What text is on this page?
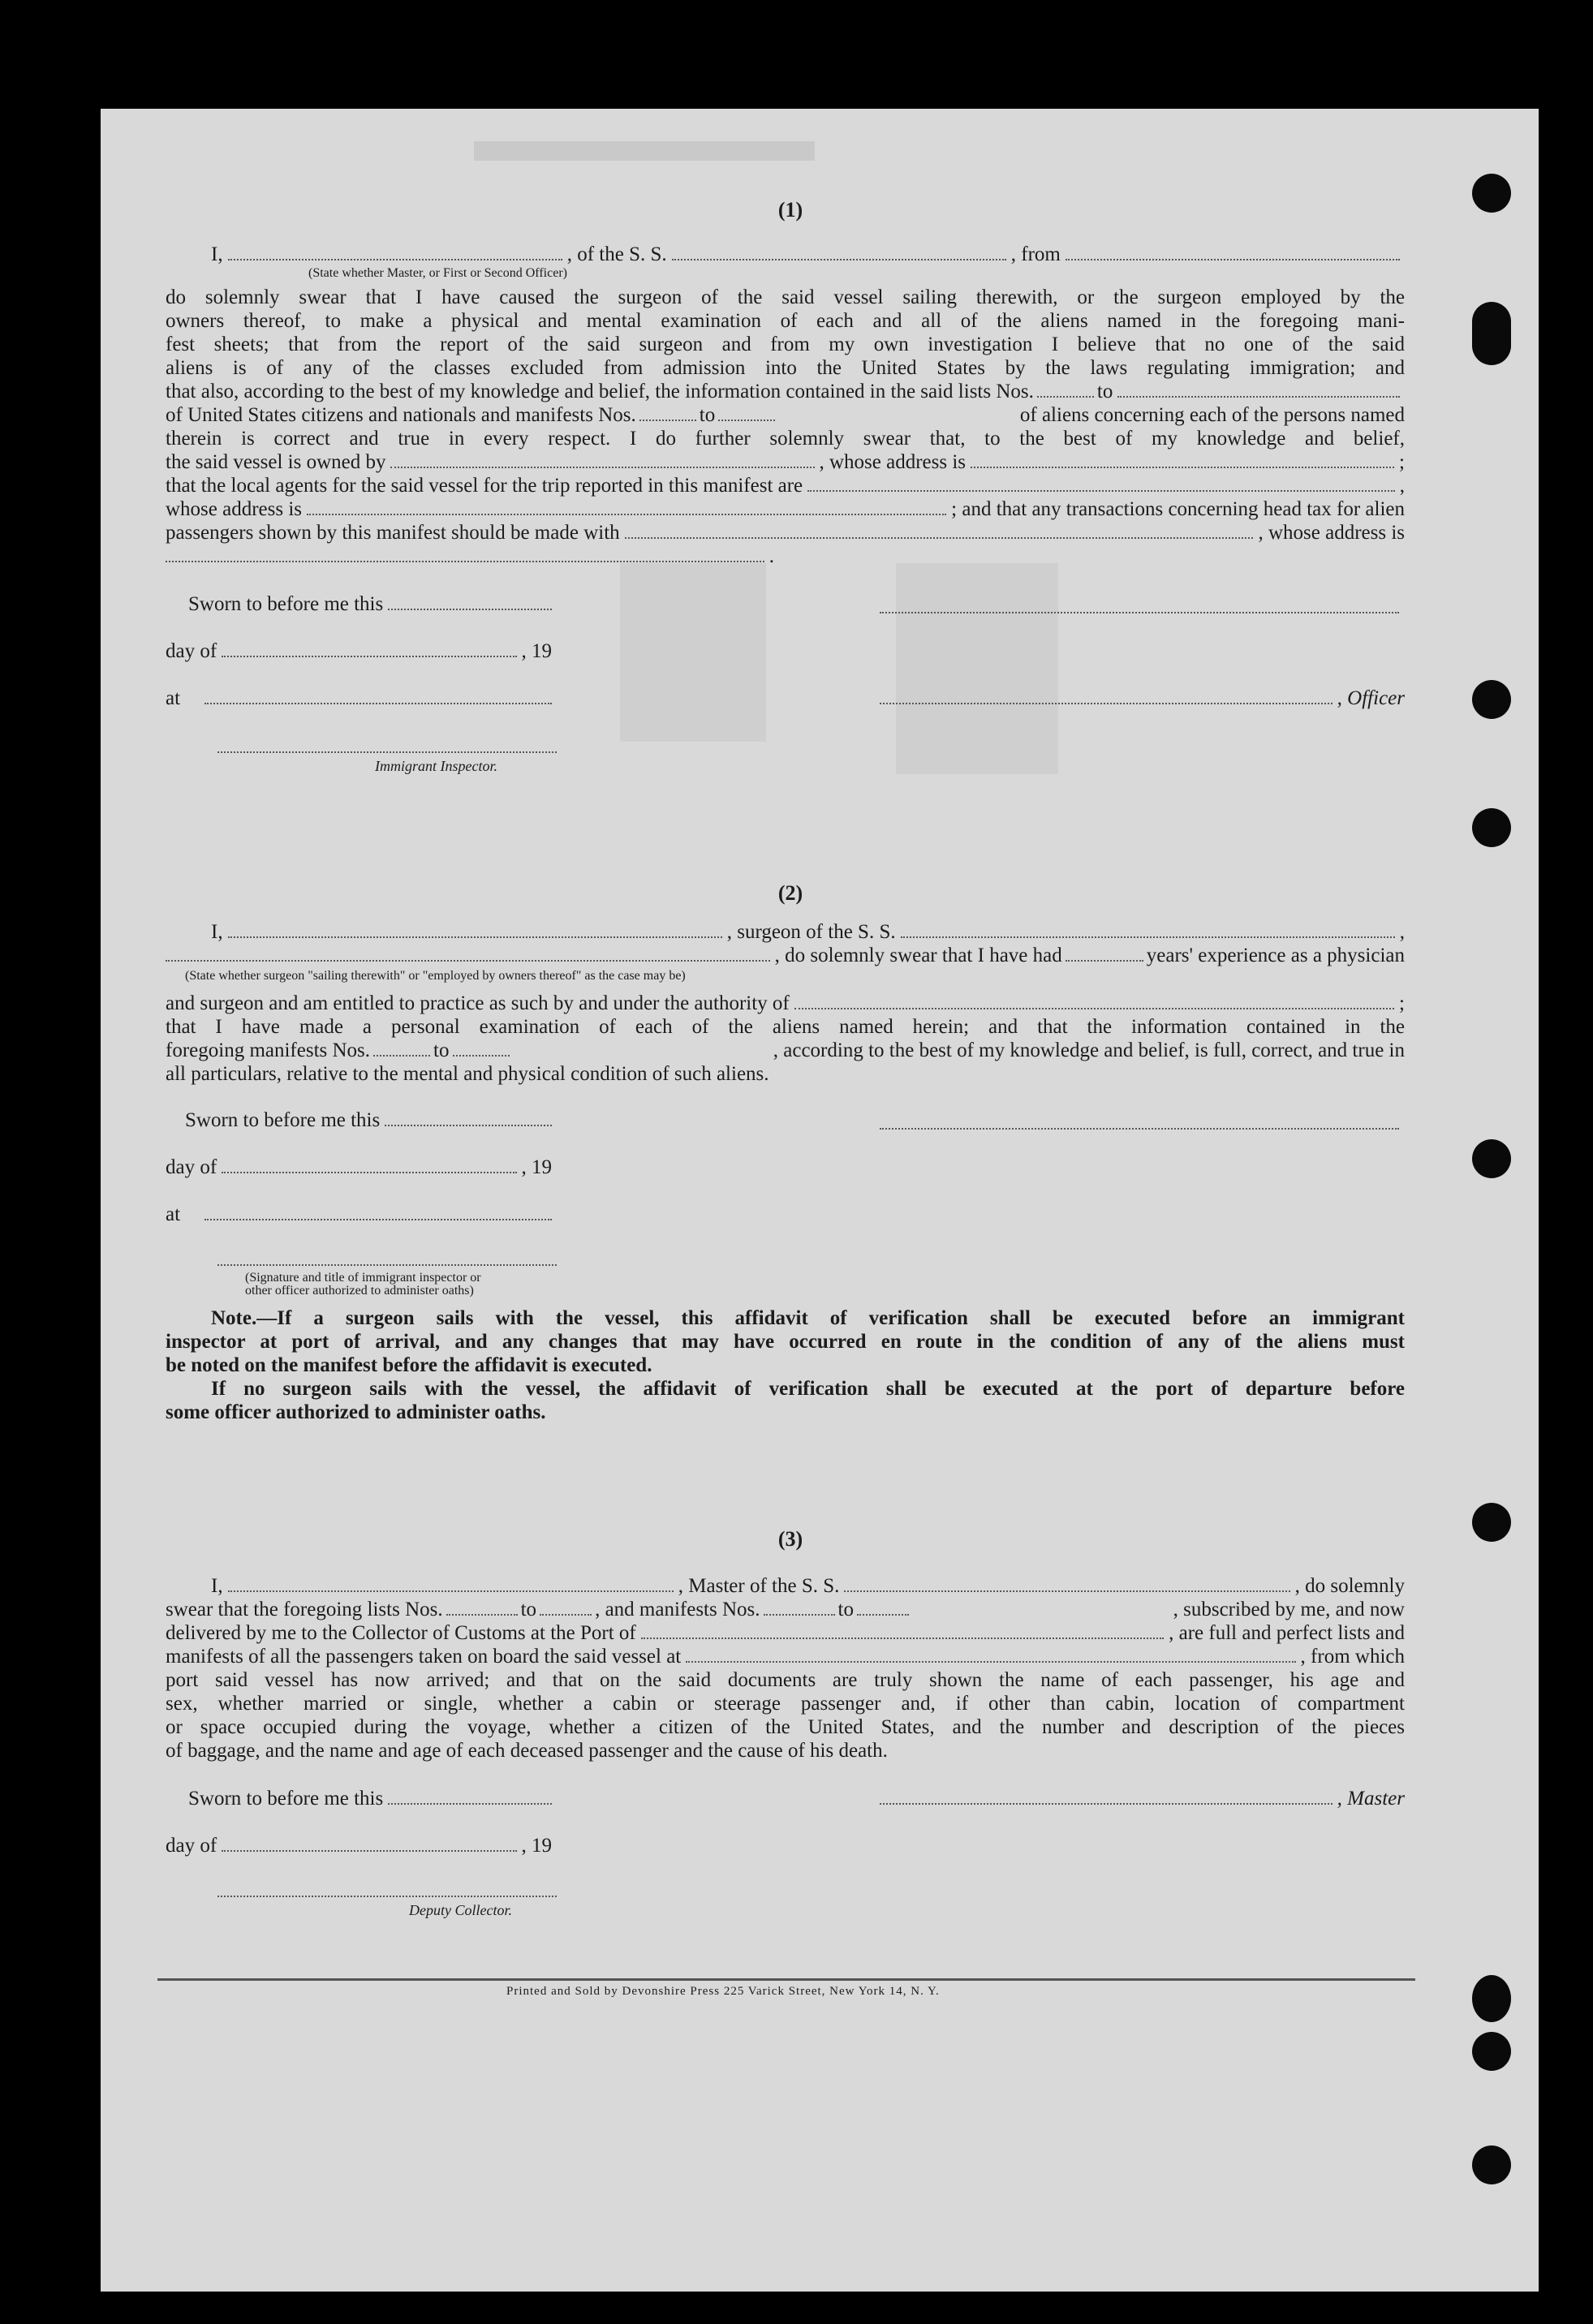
(1)
I,	, of the S. S.	, from
(State whether Master, or First or Second Officer)
do solemnly swear that I have caused the surgeon of the said vessel sailing therewith, or the surgeon employed by the
owners thereof, to make a physical and mental examination of each and all of the aliens named in the foregoing mani-
fest sheets; that from the report of the said surgeon and from my own investigation I believe that no one of the said
aliens is of any of the classes excluded from admission into the United States by the laws regulating immigration; and
that also, according to the best of my knowledge and belief, the information contained in the said lists Nos.	to
of United States citizens and nationals and manifests Nos.	to	of aliens concerning each of the persons named
therein is correct and true in every respect. I do further solemnly swear that, to the best of my knowledge and belief,
the said vessel is owned by	, whose address is	;
that the local agents for the said vessel for the trip reported in this manifest are	,
whose address is	; and that any transactions concerning head tax for alien
passengers shown by this manifest should be made with	, whose address is
.
Sworn to before me this
day of	, 19
at	, Officer
Immigrant Inspector.
(2)
I,	, surgeon of the S. S.	,
, do solemnly swear that I have had	years' experience as a physician
(State whether surgeon "sailing therewith" or "employed by owners thereof" as the case may be)
and surgeon and am entitled to practice as such by and under the authority of	;
that I have made a personal examination of each of the aliens named herein; and that the information contained in the
foregoing manifests Nos.	to	, according to the best of my knowledge and belief, is full, correct, and true in
all particulars, relative to the mental and physical condition of such aliens.
Sworn to before me this
day of	, 19
at
(Signature and title of immigrant inspector or
other officer authorized to administer oaths)
Note.—If a surgeon sails with the vessel, this affidavit of verification shall be executed before an immigrant
inspector at port of arrival, and any changes that may have occurred en route in the condition of any of the aliens must
be noted on the manifest before the affidavit is executed.
If no surgeon sails with the vessel, the affidavit of verification shall be executed at the port of departure before
some officer authorized to administer oaths.
(3)
I,	, Master of the S. S.	, do solemnly
swear that the foregoing lists Nos.	to	, and manifests Nos.	to	, subscribed by me, and now
delivered by me to the Collector of Customs at the Port of	, are full and perfect lists and
manifests of all the passengers taken on board the said vessel at	, from which
port said vessel has now arrived; and that on the said documents are truly shown the name of each passenger, his age and
sex, whether married or single, whether a cabin or steerage passenger and, if other than cabin, location of compartment
or space occupied during the voyage, whether a citizen of the United States, and the number and description of the pieces
of baggage, and the name and age of each deceased passenger and the cause of his death.
Sworn to before me this	, Master
day of	, 19
Deputy Collector.
Printed and Sold by Devonshire Press 225 Varick Street, New York 14, N. Y.
